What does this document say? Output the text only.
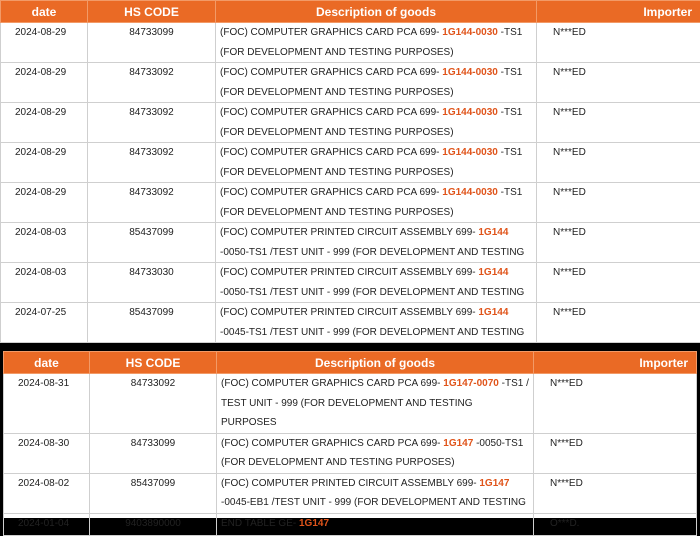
date	HS CODE	Description of goods	Importer
2024-08-29	84733099	(FOC) COMPUTER GRAPHICS CARD PCA 699- 1G144-0030 -TS1 (FOR DEVELOPMENT AND TESTING PURPOSES)	N***ED
2024-08-29	84733092	(FOC) COMPUTER GRAPHICS CARD PCA 699- 1G144-0030 -TS1 (FOR DEVELOPMENT AND TESTING PURPOSES)	N***ED
2024-08-29	84733092	(FOC) COMPUTER GRAPHICS CARD PCA 699- 1G144-0030 -TS1 (FOR DEVELOPMENT AND TESTING PURPOSES)	N***ED
2024-08-29	84733092	(FOC) COMPUTER GRAPHICS CARD PCA 699- 1G144-0030 -TS1 (FOR DEVELOPMENT AND TESTING PURPOSES)	N***ED
2024-08-29	84733092	(FOC) COMPUTER GRAPHICS CARD PCA 699- 1G144-0030 -TS1 (FOR DEVELOPMENT AND TESTING PURPOSES)	N***ED
2024-08-03	85437099	(FOC) COMPUTER PRINTED CIRCUIT ASSEMBLY 699- 1G144 -0050-TS1 /TEST UNIT - 999 (FOR DEVELOPMENT AND TESTING	N***ED
2024-08-03	84733030	(FOC) COMPUTER PRINTED CIRCUIT ASSEMBLY 699- 1G144 -0050-TS1 /TEST UNIT - 999 (FOR DEVELOPMENT AND TESTING	N***ED
2024-07-25	85437099	(FOC) COMPUTER PRINTED CIRCUIT ASSEMBLY 699- 1G144 -0045-TS1 /TEST UNIT - 999 (FOR DEVELOPMENT AND TESTING	N***ED
date	HS CODE	Description of goods	Importer
2024-08-31	84733092	(FOC) COMPUTER GRAPHICS CARD PCA 699- 1G147-0070 -TS1 / TEST UNIT - 999 (FOR DEVELOPMENT AND TESTING PURPOSES	N***ED
2024-08-30	84733099	(FOC) COMPUTER GRAPHICS CARD PCA 699- 1G147 -0050-TS1 (FOR DEVELOPMENT AND TESTING PURPOSES)	N***ED
2024-08-02	85437099	(FOC) COMPUTER PRINTED CIRCUIT ASSEMBLY 699- 1G147 -0045-EB1 /TEST UNIT - 999 (FOR DEVELOPMENT AND TESTING	N***ED
2024-01-04	9403890000	END TABLE GE- 1G147	O***D.
